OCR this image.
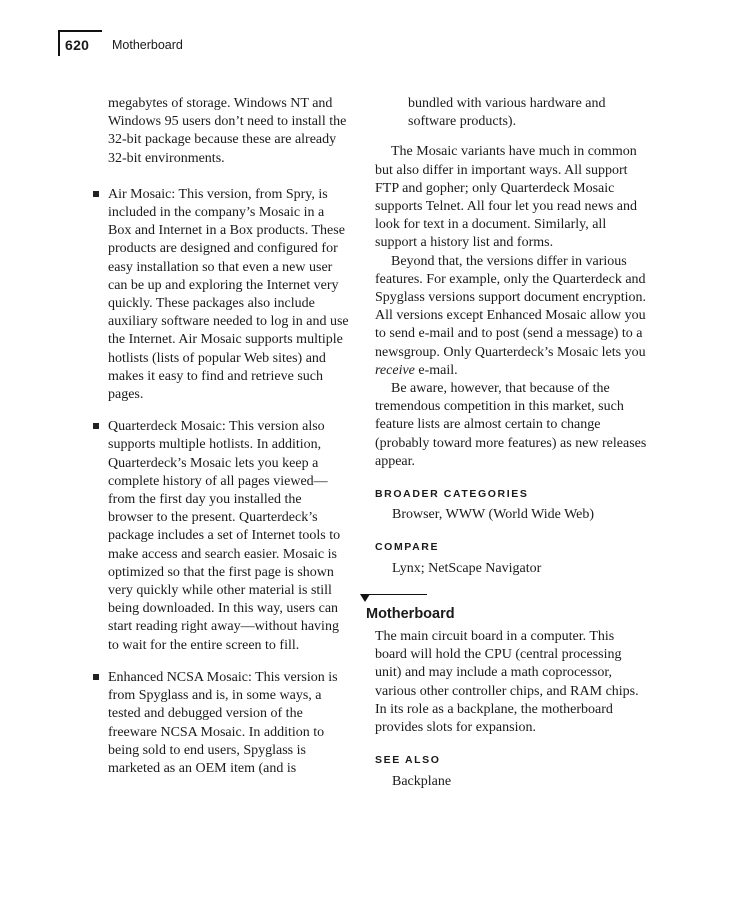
620 Motherboard

megabytes of storage. Windows NT and Windows 95 users don’t need to install the 32-bit package because these are already 32-bit environments.

Air Mosaic: This version, from Spry, is included in the company’s Mosaic in a Box and Internet in a Box products. These products are designed and configured for easy installation so that even a new user can be up and exploring the Internet very quickly. These packages also include auxiliary software needed to log in and use the Internet. Air Mosaic supports multiple hotlists (lists of popular Web sites) and makes it easy to find and retrieve such pages.

Quarterdeck Mosaic: This version also supports multiple hotlists. In addition, Quarterdeck’s Mosaic lets you keep a complete history of all pages viewed—from the first day you installed the browser to the present. Quarterdeck’s package includes a set of Internet tools to make access and search easier. Mosaic is optimized so that the first page is shown very quickly while other material is still being downloaded. In this way, users can start reading right away—without having to wait for the entire screen to fill.

Enhanced NCSA Mosaic: This version is from Spyglass and is, in some ways, a tested and debugged version of the freeware NCSA Mosaic. In addition to being sold to end users, Spyglass is marketed as an OEM item (and is

bundled with various hardware and software products).

The Mosaic variants have much in common but also differ in important ways. All support FTP and gopher; only Quarterdeck Mosaic supports Telnet. All four let you read news and look for text in a document. Similarly, all support a history list and forms.

Beyond that, the versions differ in various features. For example, only the Quarterdeck and Spyglass versions support document encryption. All versions except Enhanced Mosaic allow you to send e-mail and to post (send a message) to a newsgroup. Only Quarterdeck’s Mosaic lets you receive e-mail.

Be aware, however, that because of the tremendous competition in this market, such feature lists are almost certain to change (probably toward more features) as new releases appear.

BROADER CATEGORIES
Browser, WWW (World Wide Web)
COMPARE
Lynx; NetScape Navigator
Motherboard

The main circuit board in a computer. This board will hold the CPU (central processing unit) and may include a math coprocessor, various other controller chips, and RAM chips. In its role as a backplane, the motherboard provides slots for expansion.

SEE ALSO
Backplane
